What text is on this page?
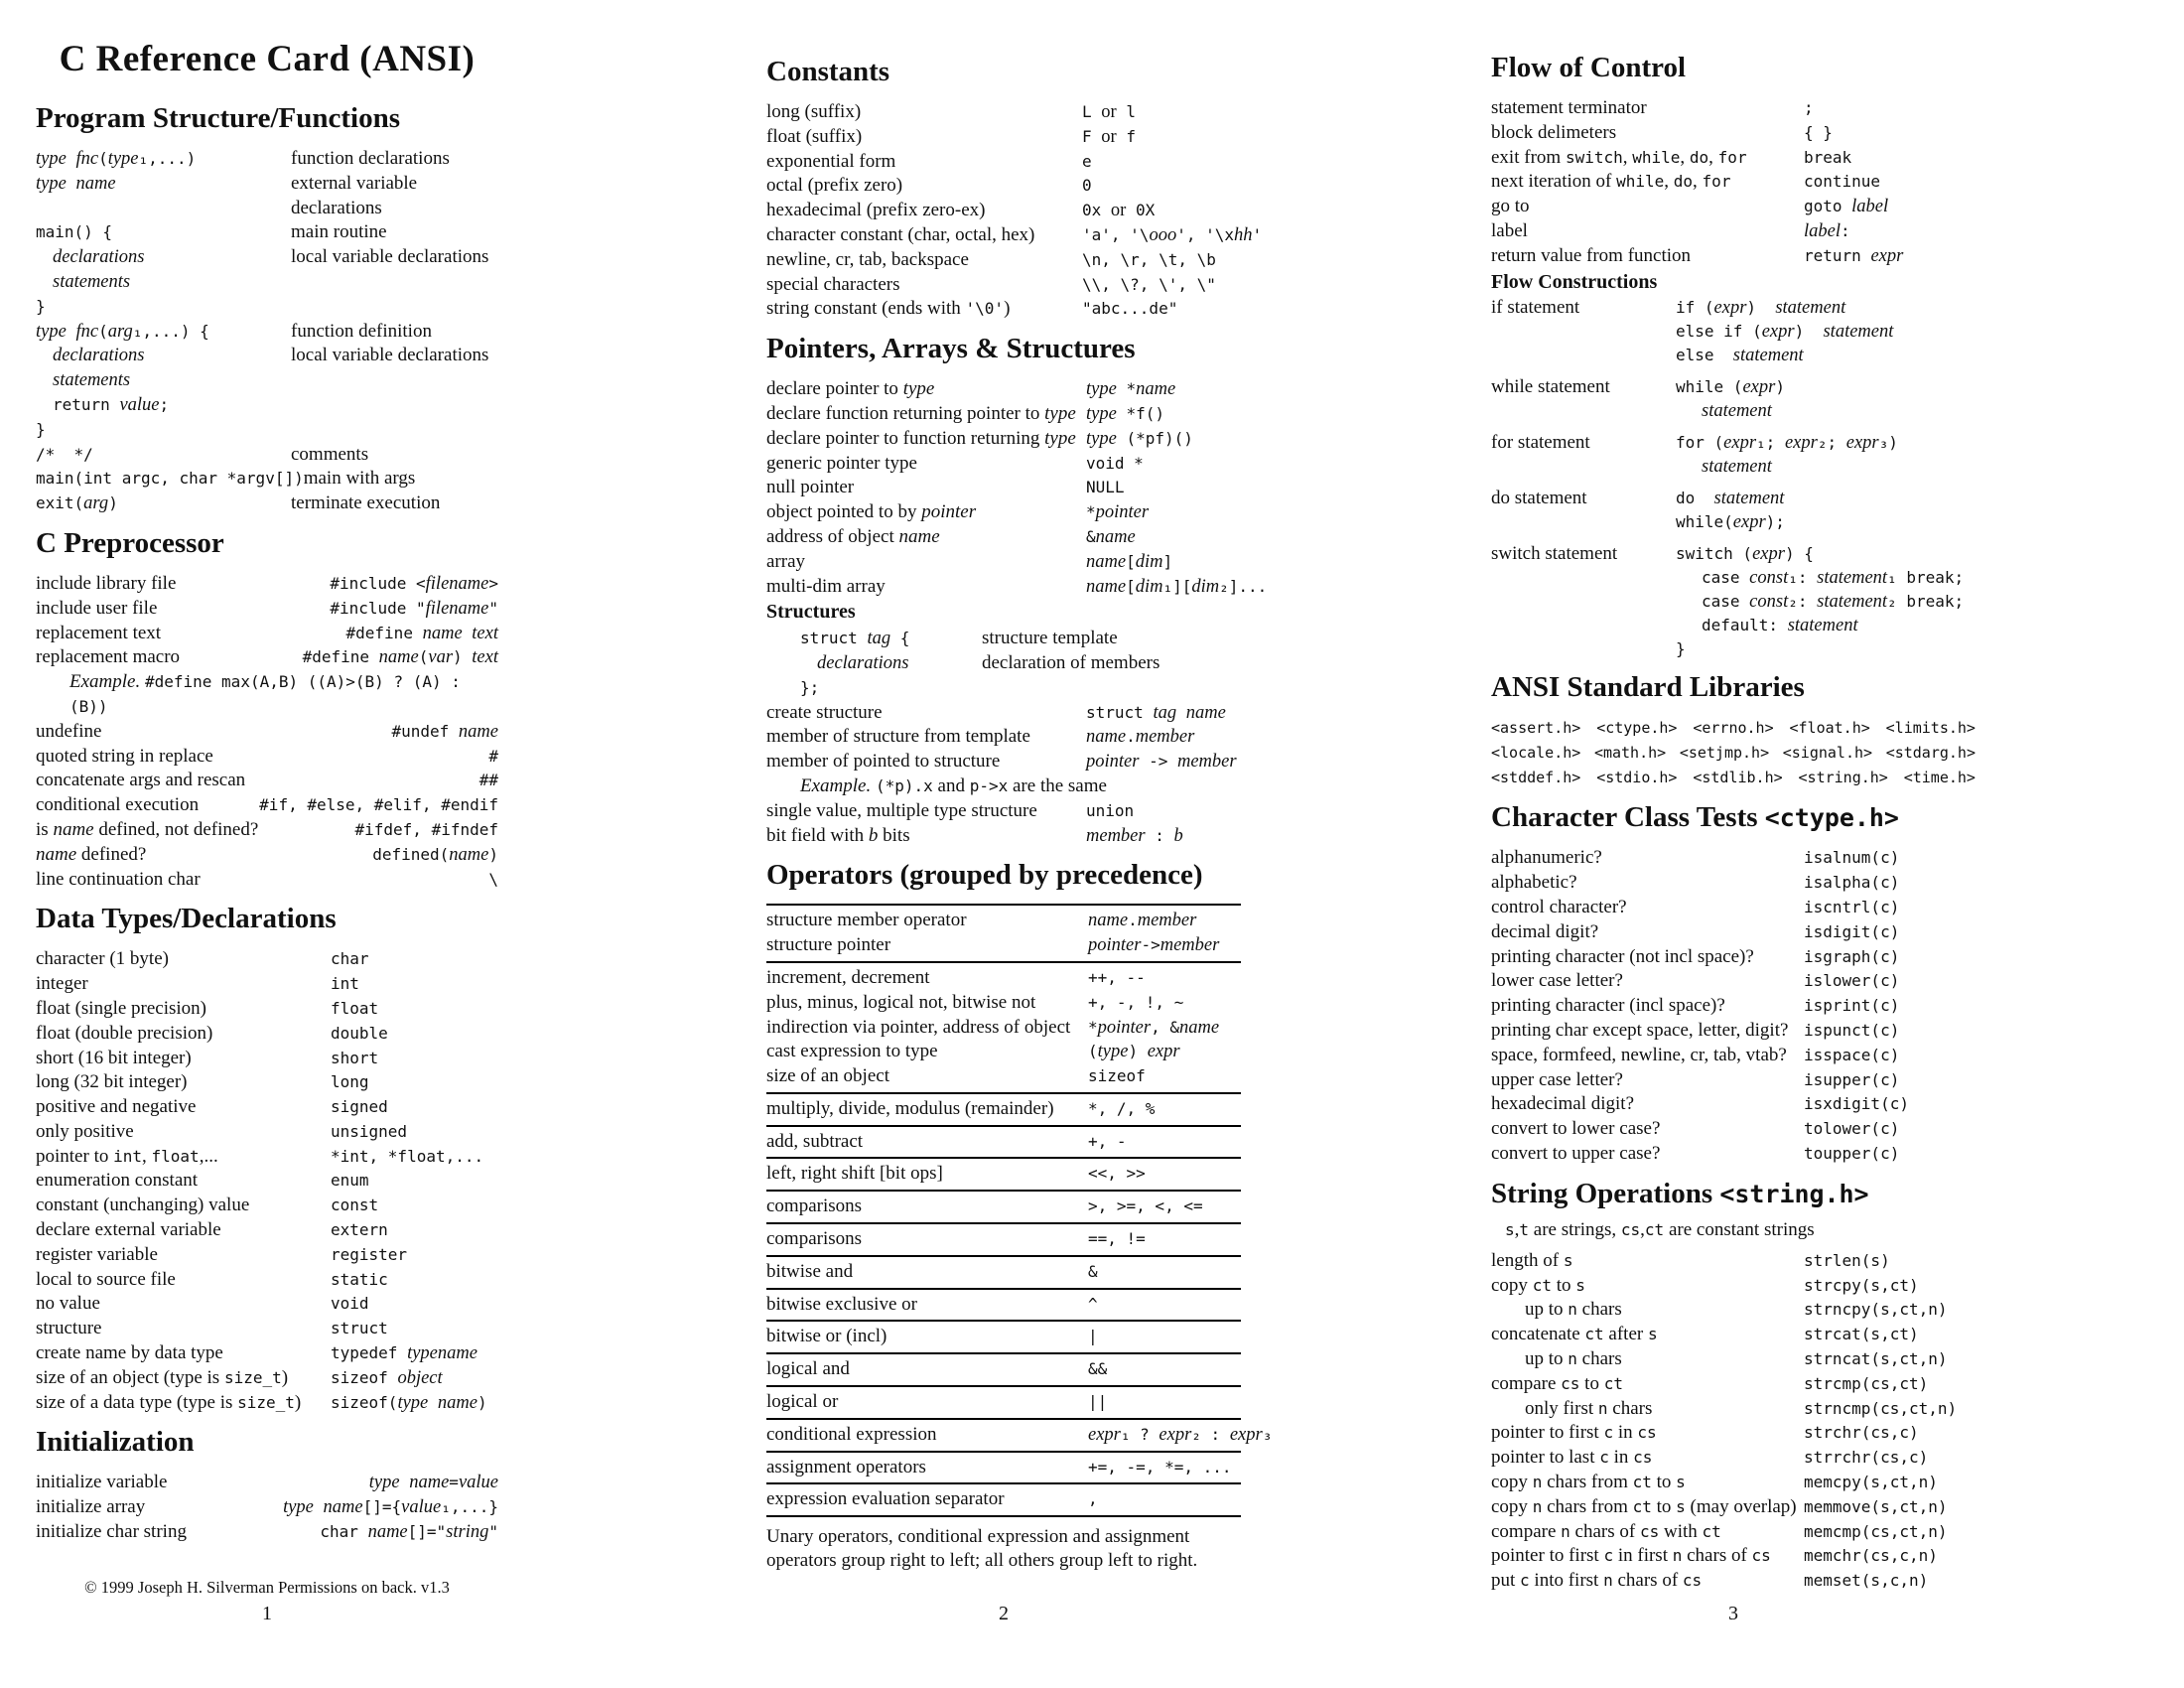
C Reference Card (ANSI)
Program Structure/Functions
type fnc(type₁,...)	function declarations
type name	external variable declarations
main() {	main routine
declarations	local variable declarations
statements
}
type fnc(arg₁,...) {	function definition
declarations	local variable declarations
statements
return value;
}
/*  */	comments
main(int argc, char *argv[]) main with args
exit(arg)	terminate execution
C Preprocessor
include library file	#include <filename>
include user file	#include "filename"
replacement text	#define name text
replacement macro	#define name(var) text
Example. #define max(A,B) ((A)>(B) ? (A) : (B))
undefine	#undef name
quoted string in replace	#
concatenate args and rescan	##
conditional execution	#if, #else, #elif, #endif
is name defined, not defined?	#ifdef, #ifndef
name defined?	defined(name)
line continuation char	\
Data Types/Declarations
character (1 byte)	char
integer	int
float (single precision)	float
float (double precision)	double
short (16 bit integer)	short
long (32 bit integer)	long
positive and negative	signed
only positive	unsigned
pointer to int, float,...	*int, *float,...
enumeration constant	enum
constant (unchanging) value	const
declare external variable	extern
register variable	register
local to source file	static
no value	void
structure	struct
create name by data type	typedef typename
size of an object (type is size_t)	sizeof object
size of a data type (type is size_t)	sizeof(type name)
Initialization
initialize variable	type name=value
initialize array	type name[]={value₁,...}
initialize char string	char name[]="string"
Constants
long (suffix)	L or l
float (suffix)	F or f
exponential form	e
octal (prefix zero)	0
hexadecimal (prefix zero-ex)	0x or 0X
character constant (char, octal, hex)	'a', '\ooo', '\xhh'
newline, cr, tab, backspace	\n, \r, \t, \b
special characters	\\, \?, \', \"
string constant (ends with '\0')	"abc...de"
Pointers, Arrays & Structures
declare pointer to type	type *name
declare function returning pointer to type type *f()
declare pointer to function returning type type (*pf)()
generic pointer type	void *
null pointer	NULL
object pointed to by pointer	*pointer
address of object name	&name
array	name[dim]
multi-dim array	name[dim₁][dim₂]...
Structures
struct tag {	structure template
declarations	declaration of members
};
create structure	struct tag name
member of structure from template	name.member
member of pointed to structure	pointer -> member
Example. (*p).x and p->x are the same
single value, multiple type structure	union
bit field with b bits	member : b
Operators (grouped by precedence)
structure member operator	name.member
structure pointer	pointer->member
increment, decrement	++, --
plus, minus, logical not, bitwise not	+, -, !, ~
indirection via pointer, address of object	*pointer, &name
cast expression to type	(type) expr
size of an object	sizeof
multiply, divide, modulus (remainder)	*, /, %
add, subtract	+, -
left, right shift [bit ops]	<<, >>
comparisons	>, >=, <, <=
comparisons	==, !=
bitwise and	&
bitwise exclusive or	^
bitwise or (incl)	|
logical and	&&
logical or	||
conditional expression	expr₁ ? expr₂ : expr₃
assignment operators	+=, -=, *=, ...
expression evaluation separator	,
Unary operators, conditional expression and assignment operators group right to left; all others group left to right.
Flow of Control
statement terminator	;
block delimeters	{ }
exit from switch, while, do, for	break
next iteration of while, do, for	continue
go to	goto label
label	label:
return value from function	return expr
Flow Constructions
if statement	if (expr)  statement
else if (expr)  statement
else  statement
while statement	while (expr)
statement
for statement	for (expr₁; expr₂; expr₃)
statement
do statement	do  statement
while(expr);
switch statement	switch (expr) {
case const₁: statement₁ break;
case const₂: statement₂ break;
default: statement
}
ANSI Standard Libraries
<assert.h> <ctype.h> <errno.h> <float.h> <limits.h>
<locale.h> <math.h> <setjmp.h> <signal.h> <stdarg.h>
<stddef.h> <stdio.h> <stdlib.h> <string.h> <time.h>
Character Class Tests <ctype.h>
alphanumeric?	isalnum(c)
alphabetic?	isalpha(c)
control character?	iscntrl(c)
decimal digit?	isdigit(c)
printing character (not incl space)?	isgraph(c)
lower case letter?	islower(c)
printing character (incl space)?	isprint(c)
printing char except space, letter, digit? ispunct(c)
space, formfeed, newline, cr, tab, vtab?	isspace(c)
upper case letter?	isupper(c)
hexadecimal digit?	isxdigit(c)
convert to lower case?	tolower(c)
convert to upper case?	toupper(c)
String Operations <string.h>
s,t are strings, cs,ct are constant strings
length of s	strlen(s)
copy ct to s	strcpy(s,ct)
up to n chars	strncpy(s,ct,n)
concatenate ct after s	strcat(s,ct)
up to n chars	strncat(s,ct,n)
compare cs to ct	strcmp(cs,ct)
only first n chars	strncmp(cs,ct,n)
pointer to first c in cs	strchr(cs,c)
pointer to last c in cs	strrchr(cs,c)
copy n chars from ct to s	memcpy(s,ct,n)
copy n chars from ct to s (may overlap) memmove(s,ct,n)
compare n chars of cs with ct	memcmp(cs,ct,n)
pointer to first c in first n chars of cs	memchr(cs,c,n)
put c into first n chars of cs	memset(s,c,n)
© 1999 Joseph H. Silverman Permissions on back. v1.3
1	2	3
